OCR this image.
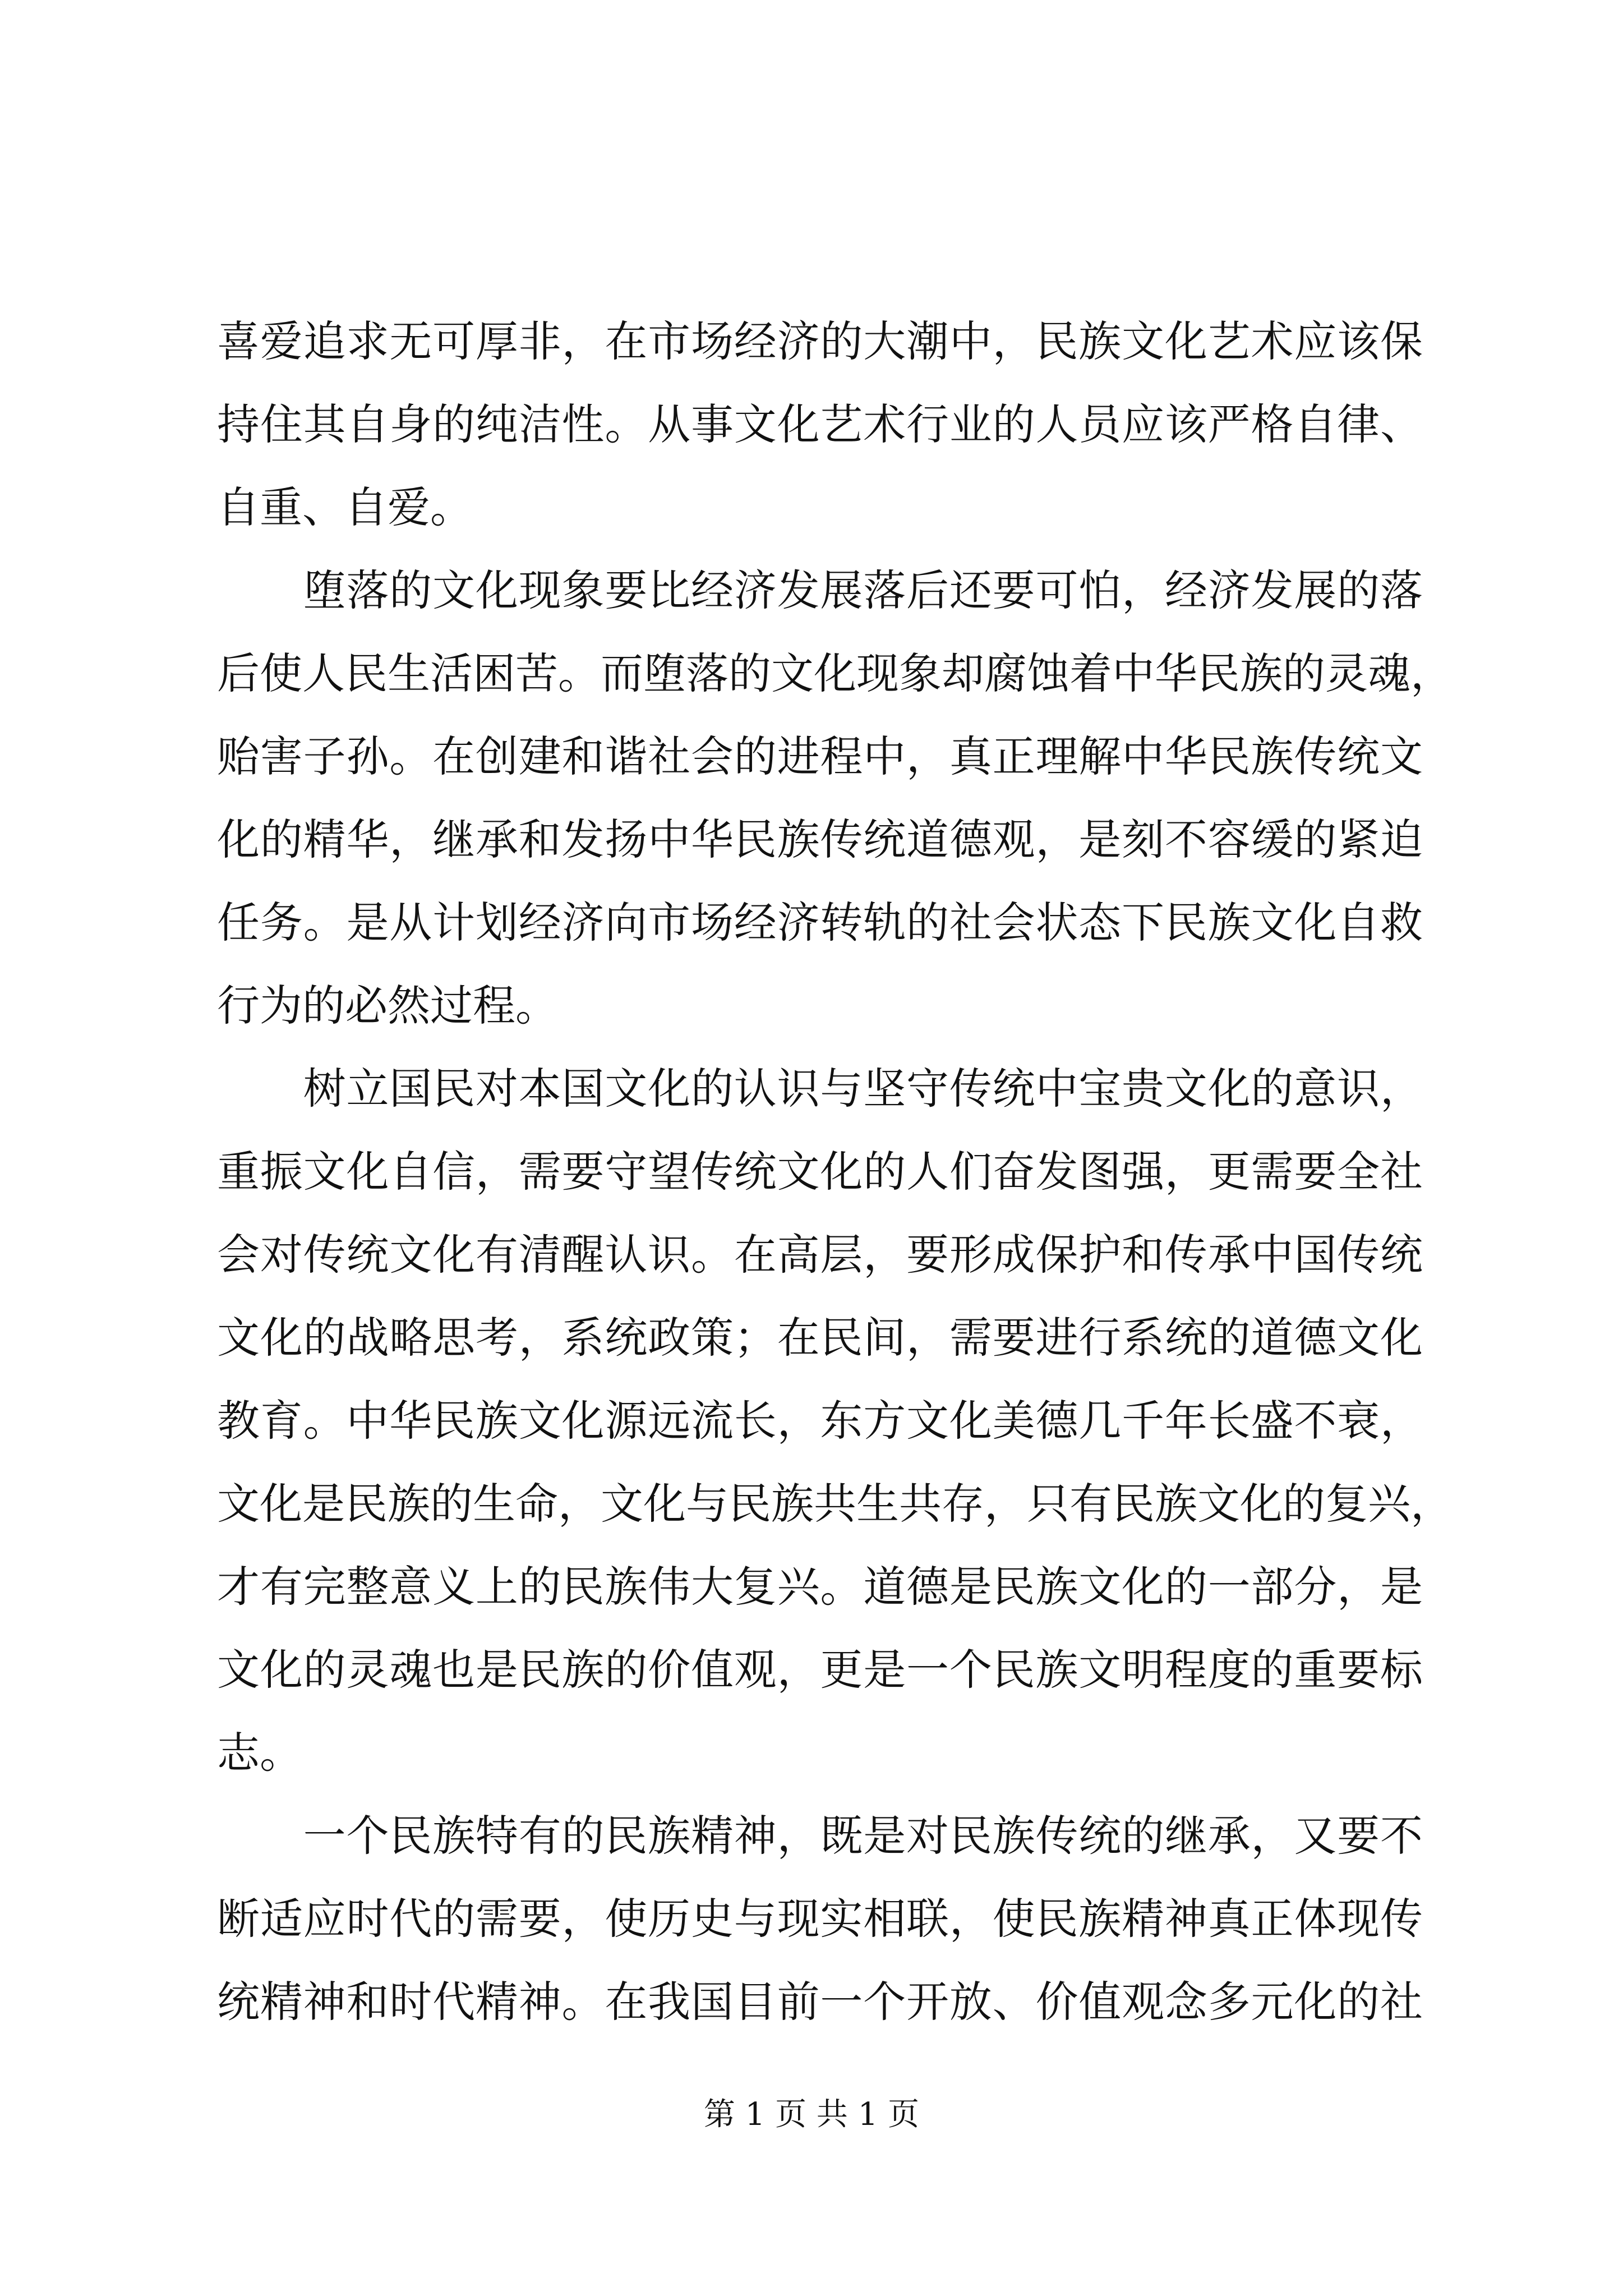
喜爱追求无可厚非，在市场经济的大潮中，民族文化艺术应该保
持住其自身的纯洁性。从事文化艺术行业的人员应该严格自律、
自重、自爱。
　　堕落的文化现象要比经济发展落后还要可怕，经济发展的落
后使人民生活困苦。而堕落的文化现象却腐蚀着中华民族的灵魂，
贻害子孙。在创建和谐社会的进程中，真正理解中华民族传统文
化的精华，继承和发扬中华民族传统道德观，是刻不容缓的紧迫
任务。是从计划经济向市场经济转轨的社会状态下民族文化自救
行为的必然过程。
　　树立国民对本国文化的认识与坚守传统中宝贵文化的意识，
重振文化自信，需要守望传统文化的人们奋发图强，更需要全社
会对传统文化有清醒认识。在高层，要形成保护和传承中国传统
文化的战略思考，系统政策；在民间，需要进行系统的道德文化
教育。中华民族文化源远流长，东方文化美德几千年长盛不衰，
文化是民族的生命，文化与民族共生共存，只有民族文化的复兴，
才有完整意义上的民族伟大复兴。道德是民族文化的一部分，是
文化的灵魂也是民族的价值观，更是一个民族文明程度的重要标
志。
　　一个民族特有的民族精神，既是对民族传统的继承，又要不
断适应时代的需要，使历史与现实相联，使民族精神真正体现传
统精神和时代精神。在我国目前一个开放、价值观念多元化的社
第 1 页 共 1 页
